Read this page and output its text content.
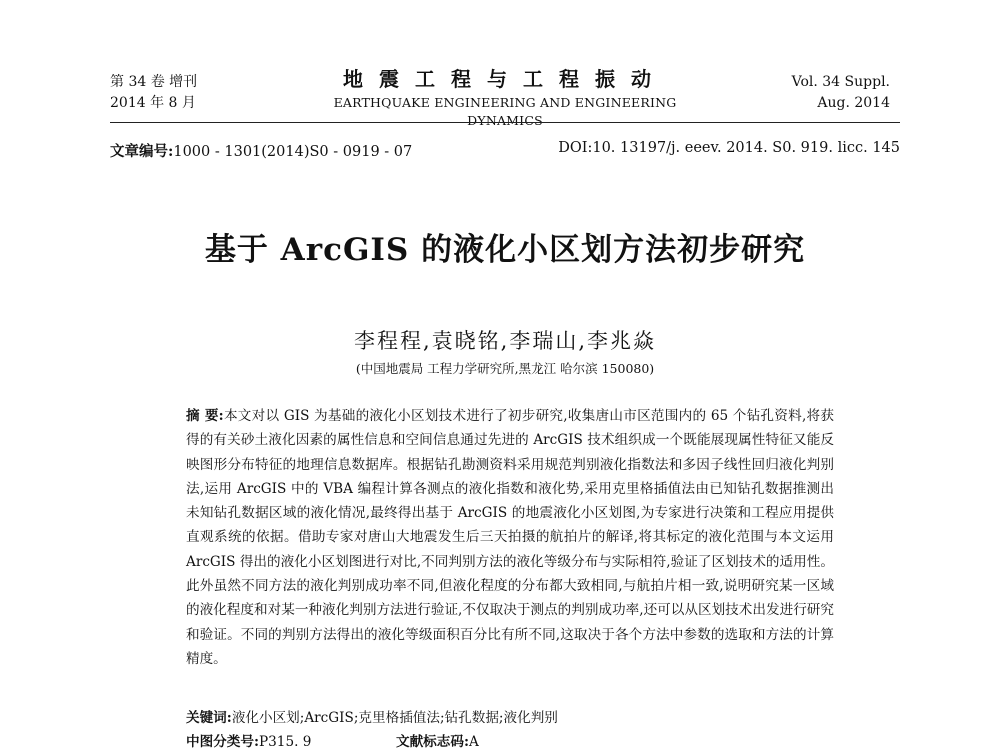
第 34 卷 增刊
2014 年 8 月
地震工程与工程振动
EARTHQUAKE ENGINEERING AND ENGINEERING DYNAMICS
Vol. 34 Suppl.
Aug. 2014
文章编号:1000 - 1301(2014)S0 - 0919 - 07	DOI:10. 13197/j. eeev. 2014. S0. 919. licc. 145
基于 ArcGIS 的液化小区划方法初步研究
李程程,袁晓铭,李瑞山,李兆焱
(中国地震局 工程力学研究所,黑龙江 哈尔滨 150080)
摘 要:本文对以 GIS 为基础的液化小区划技术进行了初步研究,收集唐山市区范围内的 65 个钻孔资料,将获得的有关砂土液化因素的属性信息和空间信息通过先进的 ArcGIS 技术组织成一个既能展现属性特征又能反映图形分布特征的地理信息数据库。根据钻孔勘测资料采用规范判别液化指数法和多因子线性回归液化判别法,运用 ArcGIS 中的 VBA 编程计算各测点的液化指数和液化势,采用克里格插值法由已知钻孔数据推测出未知钻孔数据区域的液化情况,最终得出基于 ArcGIS 的地震液化小区划图,为专家进行决策和工程应用提供直观系统的依据。借助专家对唐山大地震发生后三天拍摄的航拍片的解译,将其标定的液化范围与本文运用 ArcGIS 得出的液化小区划图进行对比,不同判别方法的液化等级分布与实际相符,验证了区划技术的适用性。此外虽然不同方法的液化判别成功率不同,但液化程度的分布都大致相同,与航拍片相一致,说明研究某一区域的液化程度和对某一种液化判别方法进行验证,不仅取决于测点的判别成功率,还可以从区划技术出发进行研究和验证。不同的判别方法得出的液化等级面积百分比有所不同,这取决于各个方法中参数的选取和方法的计算精度。
关键词:液化小区划;ArcGIS;克里格插值法;钻孔数据;液化判别
中图分类号:P315. 9	文献标志码:A
